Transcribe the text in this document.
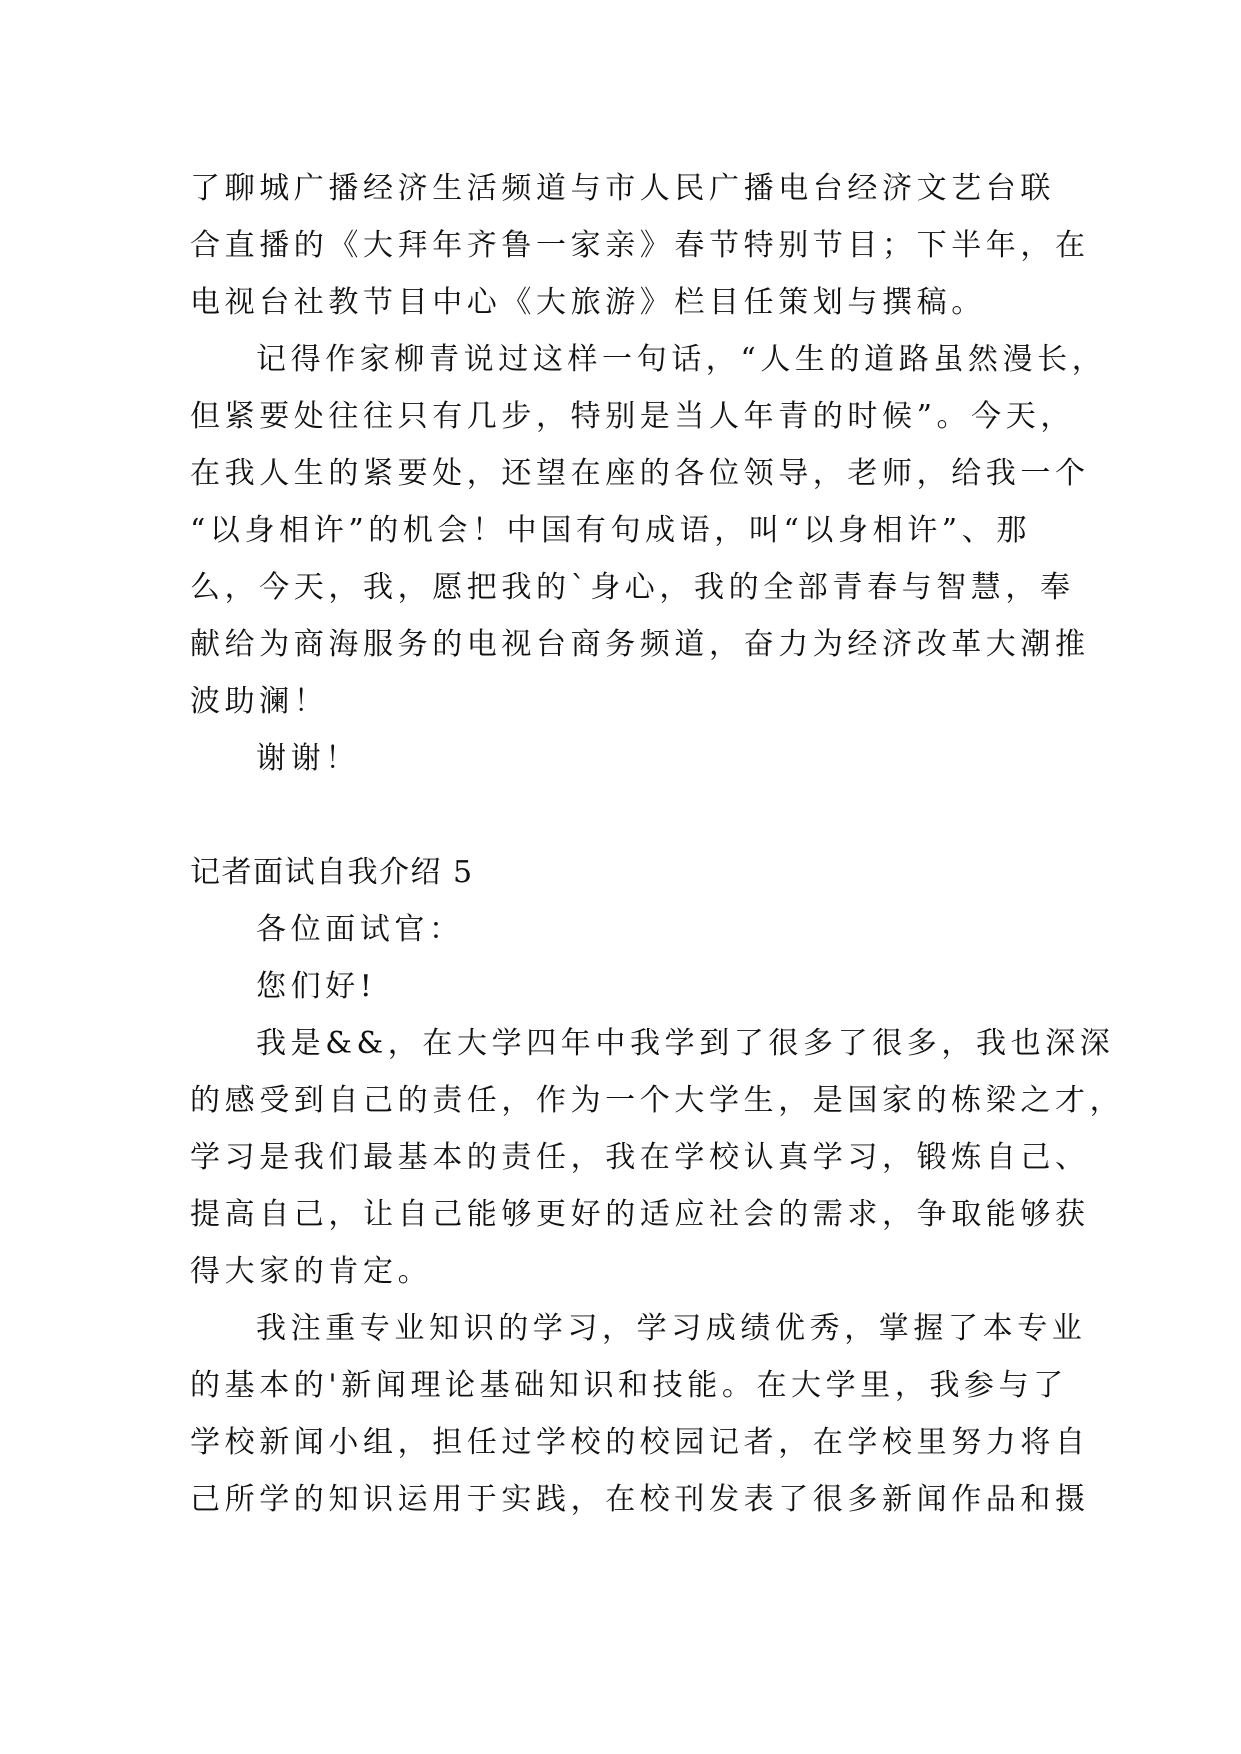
了聊城广播经济生活频道与市人民广播电台经济文艺台联
合直播的《大拜年齐鲁一家亲》春节特别节目；下半年，在
电视台社教节目中心《大旅游》栏目任策划与撰稿。
记得作家柳青说过这样一句话，“人生的道路虽然漫长，
但紧要处往往只有几步，特别是当人年青的时候”。今天，
在我人生的紧要处，还望在座的各位领导，老师，给我一个
“以身相许”的机会！中国有句成语，叫“以身相许”、那
么，今天，我，愿把我的`身心，我的全部青春与智慧，奉
献给为商海服务的电视台商务频道，奋力为经济改革大潮推
波助澜！
谢谢！
记者面试自我介绍 5
各位面试官：
您们好!
我是&&，在大学四年中我学到了很多了很多，我也深深
的感受到自己的责任，作为一个大学生，是国家的栋梁之才，
学习是我们最基本的责任，我在学校认真学习，锻炼自己、
提高自己，让自己能够更好的适应社会的需求，争取能够获
得大家的肯定。
我注重专业知识的学习，学习成绩优秀，掌握了本专业
的基本的'新闻理论基础知识和技能。在大学里，我参与了
学校新闻小组，担任过学校的校园记者，在学校里努力将自
己所学的知识运用于实践，在校刊发表了很多新闻作品和摄
